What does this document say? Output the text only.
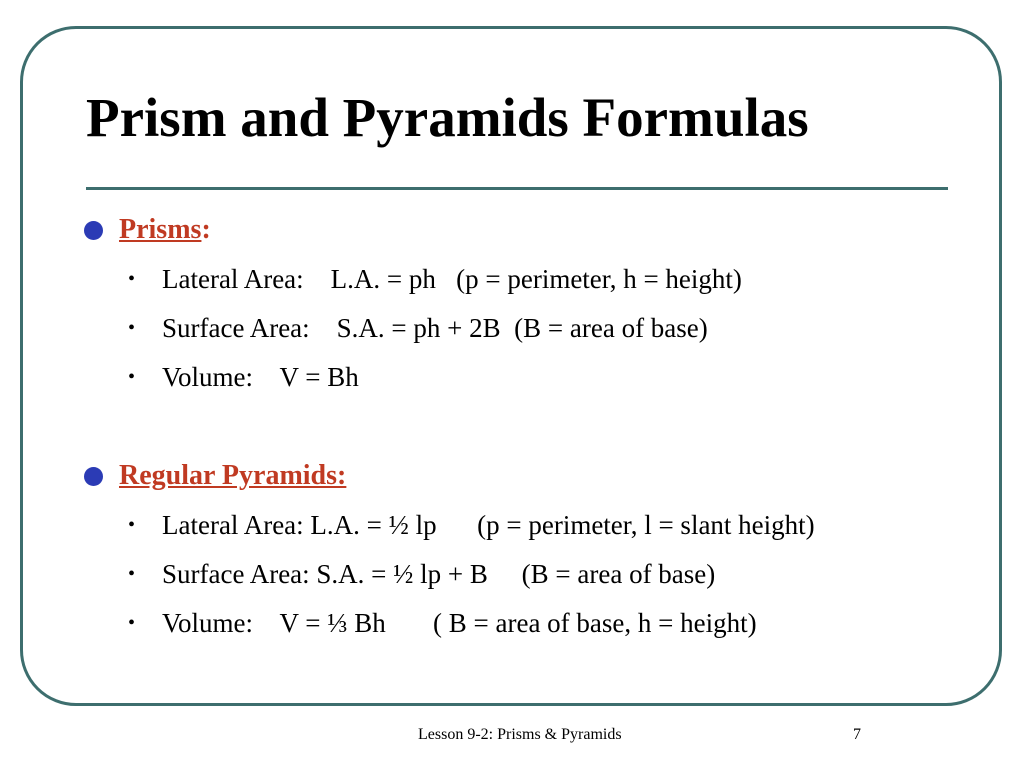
Prism and Pyramids Formulas
Prisms :
• Lateral Area:    L.A. = ph   (p = perimeter, h = height)
• Surface Area:    S.A. = ph + 2B  (B = area of base)
• Volume:    V = Bh
Regular Pyramids:
• Lateral Area: L.A. = ½ lp      (p = perimeter, l = slant height)
• Surface Area: S.A. = ½ lp + B     (B = area of base)
• Volume:    V = ⅓ Bh       ( B = area of base, h = height)
Lesson 9-2: Prisms & Pyramids	7
